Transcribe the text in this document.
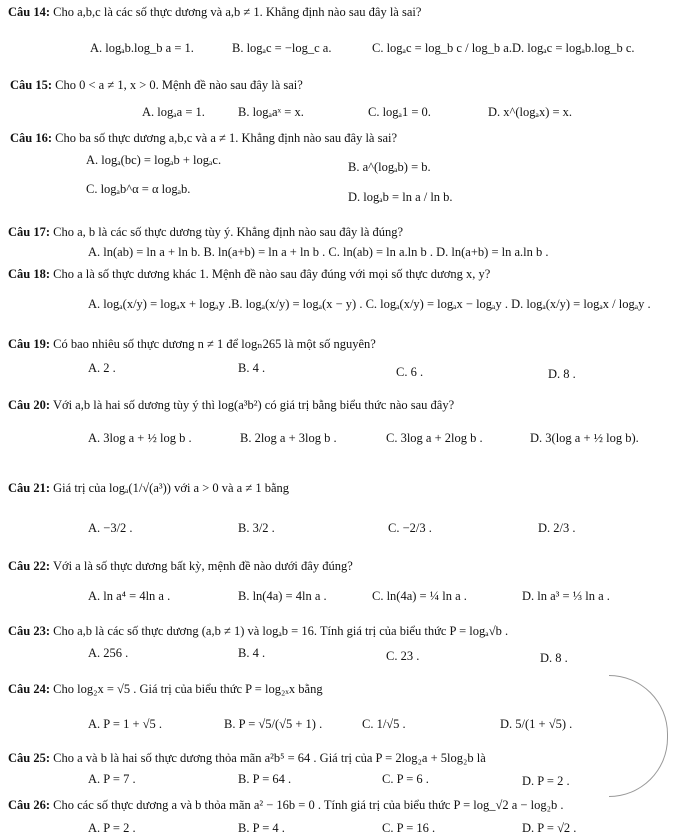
Câu 14: Cho a,b,c là các số thực dương và a,b ≠ 1. Khẳng định nào sau đây là sai?
A. logₐb.log_b a = 1.	B. logₐc = −log_c a.	C. logₐc = log_b c / log_b a. D. logₐc = logₐb.log_b c.
Câu 15: Cho 0 < a ≠ 1, x > 0. Mệnh đề nào sau đây là sai?
A. logₐa = 1.	B. logₐaˣ = x.	C. logₐ1 = 0.	D. x^(logₐx) = x.
Câu 16: Cho ba số thực dương a,b,c và a ≠ 1. Khẳng định nào sau đây là sai?
A. logₐ(bc) = logₐb + logₐc.	B. a^(logₐb) = b.
C. logₐb^α = α logₐb.
D. logₐb = ln a / ln b.
Câu 17: Cho a, b là các số thực dương tùy ý. Khẳng định nào sau đây là đúng?
A. ln(ab) = ln a + ln b. B. ln(a+b) = ln a + ln b . C. ln(ab) = ln a.ln b . D. ln(a+b) = ln a.ln b .
Câu 18: Cho a là số thực dương khác 1. Mệnh đề nào sau đây đúng với mọi số thực dương x, y?
A. logₐ(x/y) = logₐx + logₐy .B. logₐ(x/y) = logₐ(x − y) . C. logₐ(x/y) = logₐx − logₐy . D. logₐ(x/y) = logₐx / logₐy .
Câu 19: Có bao nhiêu số thực dương n ≠ 1 để logₙ265 là một số nguyên?
A. 2 .	B. 4 .	C. 6 .	D. 8 .
Câu 20: Với a,b là hai số dương tùy ý thì log(a³b²) có giá trị bằng biểu thức nào sau đây?
A. 3log a + ½ log b .	B. 2log a + 3log b .	C. 3log a + 2log b .	D. 3(log a + ½ log b).
Câu 21: Giá trị của logₐ(1/√(a³)) với a > 0 và a ≠ 1 bằng
A. −3/2 .	B. 3/2 .	C. −2/3 .	D. 2/3 .
Câu 22: Với a là số thực dương bất kỳ, mệnh đề nào dưới đây đúng?
A. ln a⁴ = 4ln a .	B. ln(4a) = 4ln a .	C. ln(4a) = ¼ ln a .	D. ln a³ = ⅓ ln a .
Câu 23: Cho a,b là các số thực dương (a,b ≠ 1) và logₐb = 16. Tính giá trị của biểu thức P = logₐ√b .
A. 256 .	B. 4 .	C. 23 .	D. 8 .
Câu 24: Cho log₂x = √5 . Giá trị của biểu thức P = log₂ₓx bằng
A. P = 1 + √5 .	B. P = √5/(√5 + 1) .	C. 1/√5 .	D. 5/(1 + √5) .
Câu 25: Cho a và b là hai số thực dương thỏa mãn a²b⁵ = 64 . Giá trị của P = 2log₂a + 5log₂b là
A. P = 7 .	B. P = 64 .	C. P = 6 .	D. P = 2 .
Câu 26: Cho các số thực dương a và b thỏa mãn a² − 16b = 0 . Tính giá trị của biểu thức P = log_√2 a − log₂b .
A. P = 2 .	B. P = 4 .	C. P = 16 .	D. P = √2 .
